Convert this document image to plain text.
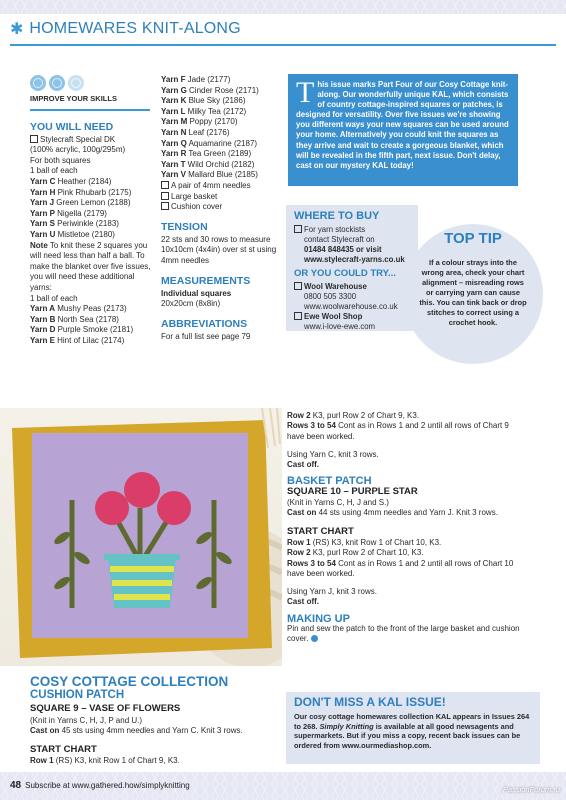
✱ HOMEWARES KNIT-ALONG
IMPROVE YOUR SKILLS
YOU WILL NEED
Stylecraft Special DK
(100% acrylic, 100g/295m)
For both squares
1 ball of each
Yarn C Heather (2184)
Yarn H Pink Rhubarb (2175)
Yarn J Green Lemon (2188)
Yarn P Nigella (2179)
Yarn S Periwinkle (2183)
Yarn U Mistletoe (2180)
Note To knit these 2 squares you will need less than half a ball. To make the blanket over five issues, you will need these additional yarns:
1 ball of each
Yarn A Mushy Peas (2173)
Yarn B North Sea (2178)
Yarn D Purple Smoke (2181)
Yarn E Hint of Lilac (2174)
Yarn F Jade (2177)
Yarn G Cinder Rose (2171)
Yarn K Blue Sky (2186)
Yarn L Milky Tea (2172)
Yarn M Poppy (2170)
Yarn N Leaf (2176)
Yarn Q Aquamarine (2187)
Yarn R Tea Green (2189)
Yarn T Wild Orchid (2182)
Yarn V Mallard Blue (2185)
A pair of 4mm needles
Large basket
Cushion cover
TENSION
22 sts and 30 rows to measure 10x10cm (4x4in) over st st using 4mm needles
MEASUREMENTS
Individual squares
20x20cm (8x8in)
ABBREVIATIONS
For a full list see page 79
T his issue marks Part Four of our Cosy Cottage knit-along. Our wonderfully unique KAL, which consists of country cottage-inspired squares or patches, is designed for versatility. Over five issues we're showing you different ways your new squares can be used around your home. Alternatively you could knit the squares as they arrive and wait to create a gorgeous blanket, which will be revealed in the fifth part, next issue. Don't delay, cast on our mystery KAL today!
WHERE TO BUY
For yarn stockists
contact Stylecraft on
01484 848435 or visit
www.stylecraft-yarns.co.uk
OR YOU COULD TRY...
Wool Warehouse
0800 505 3300
www.woolwarehouse.co.uk
Ewe Wool Shop
www.i-love-ewe.com
TOP TIP
If a colour strays into the wrong area, check your chart alignment – misreading rows or carrying yarn can cause this. You can tink back or drop stitches to correct using a crochet hook.
COSY COTTAGE COLLECTION
CUSHION PATCH
SQUARE 9 – VASE OF FLOWERS
(Knit in Yarns C, H, J, P and U.)
Cast on 45 sts using 4mm needles and Yarn C. Knit 3 rows.
START CHART
Row 1 (RS) K3, knit Row 1 of Chart 9, K3.
Row 2 K3, purl Row 2 of Chart 9, K3.
Rows 3 to 54 Cont as in Rows 1 and 2 until all rows of Chart 9 have been worked.
Using Yarn C, knit 3 rows.
Cast off.
BASKET PATCH
SQUARE 10 – PURPLE STAR
(Knit in Yarns C, H, J and S.)
Cast on 44 sts using 4mm needles and Yarn J. Knit 3 rows.
START CHART
Row 1 (RS) K3, knit Row 1 of Chart 10, K3.
Row 2 K3, purl Row 2 of Chart 10, K3.
Rows 3 to 54 Cont as in Rows 1 and 2 until all rows of Chart 10 have been worked.
Using Yarn J, knit 3 rows.
Cast off.
MAKING UP
Pin and sew the patch to the front of the large basket and cushion cover.
DON'T MISS A KAL ISSUE!
Our cosy cottage homewares collection KAL appears in Issues 264 to 268. Simply Knitting is available at all good newsagents and supermarkets. But if you miss a copy, recent back issues can be ordered from www.ourmediashop.com.
48 Subscribe at www.gathered.how/simplyknitting	PassionForum.ru
